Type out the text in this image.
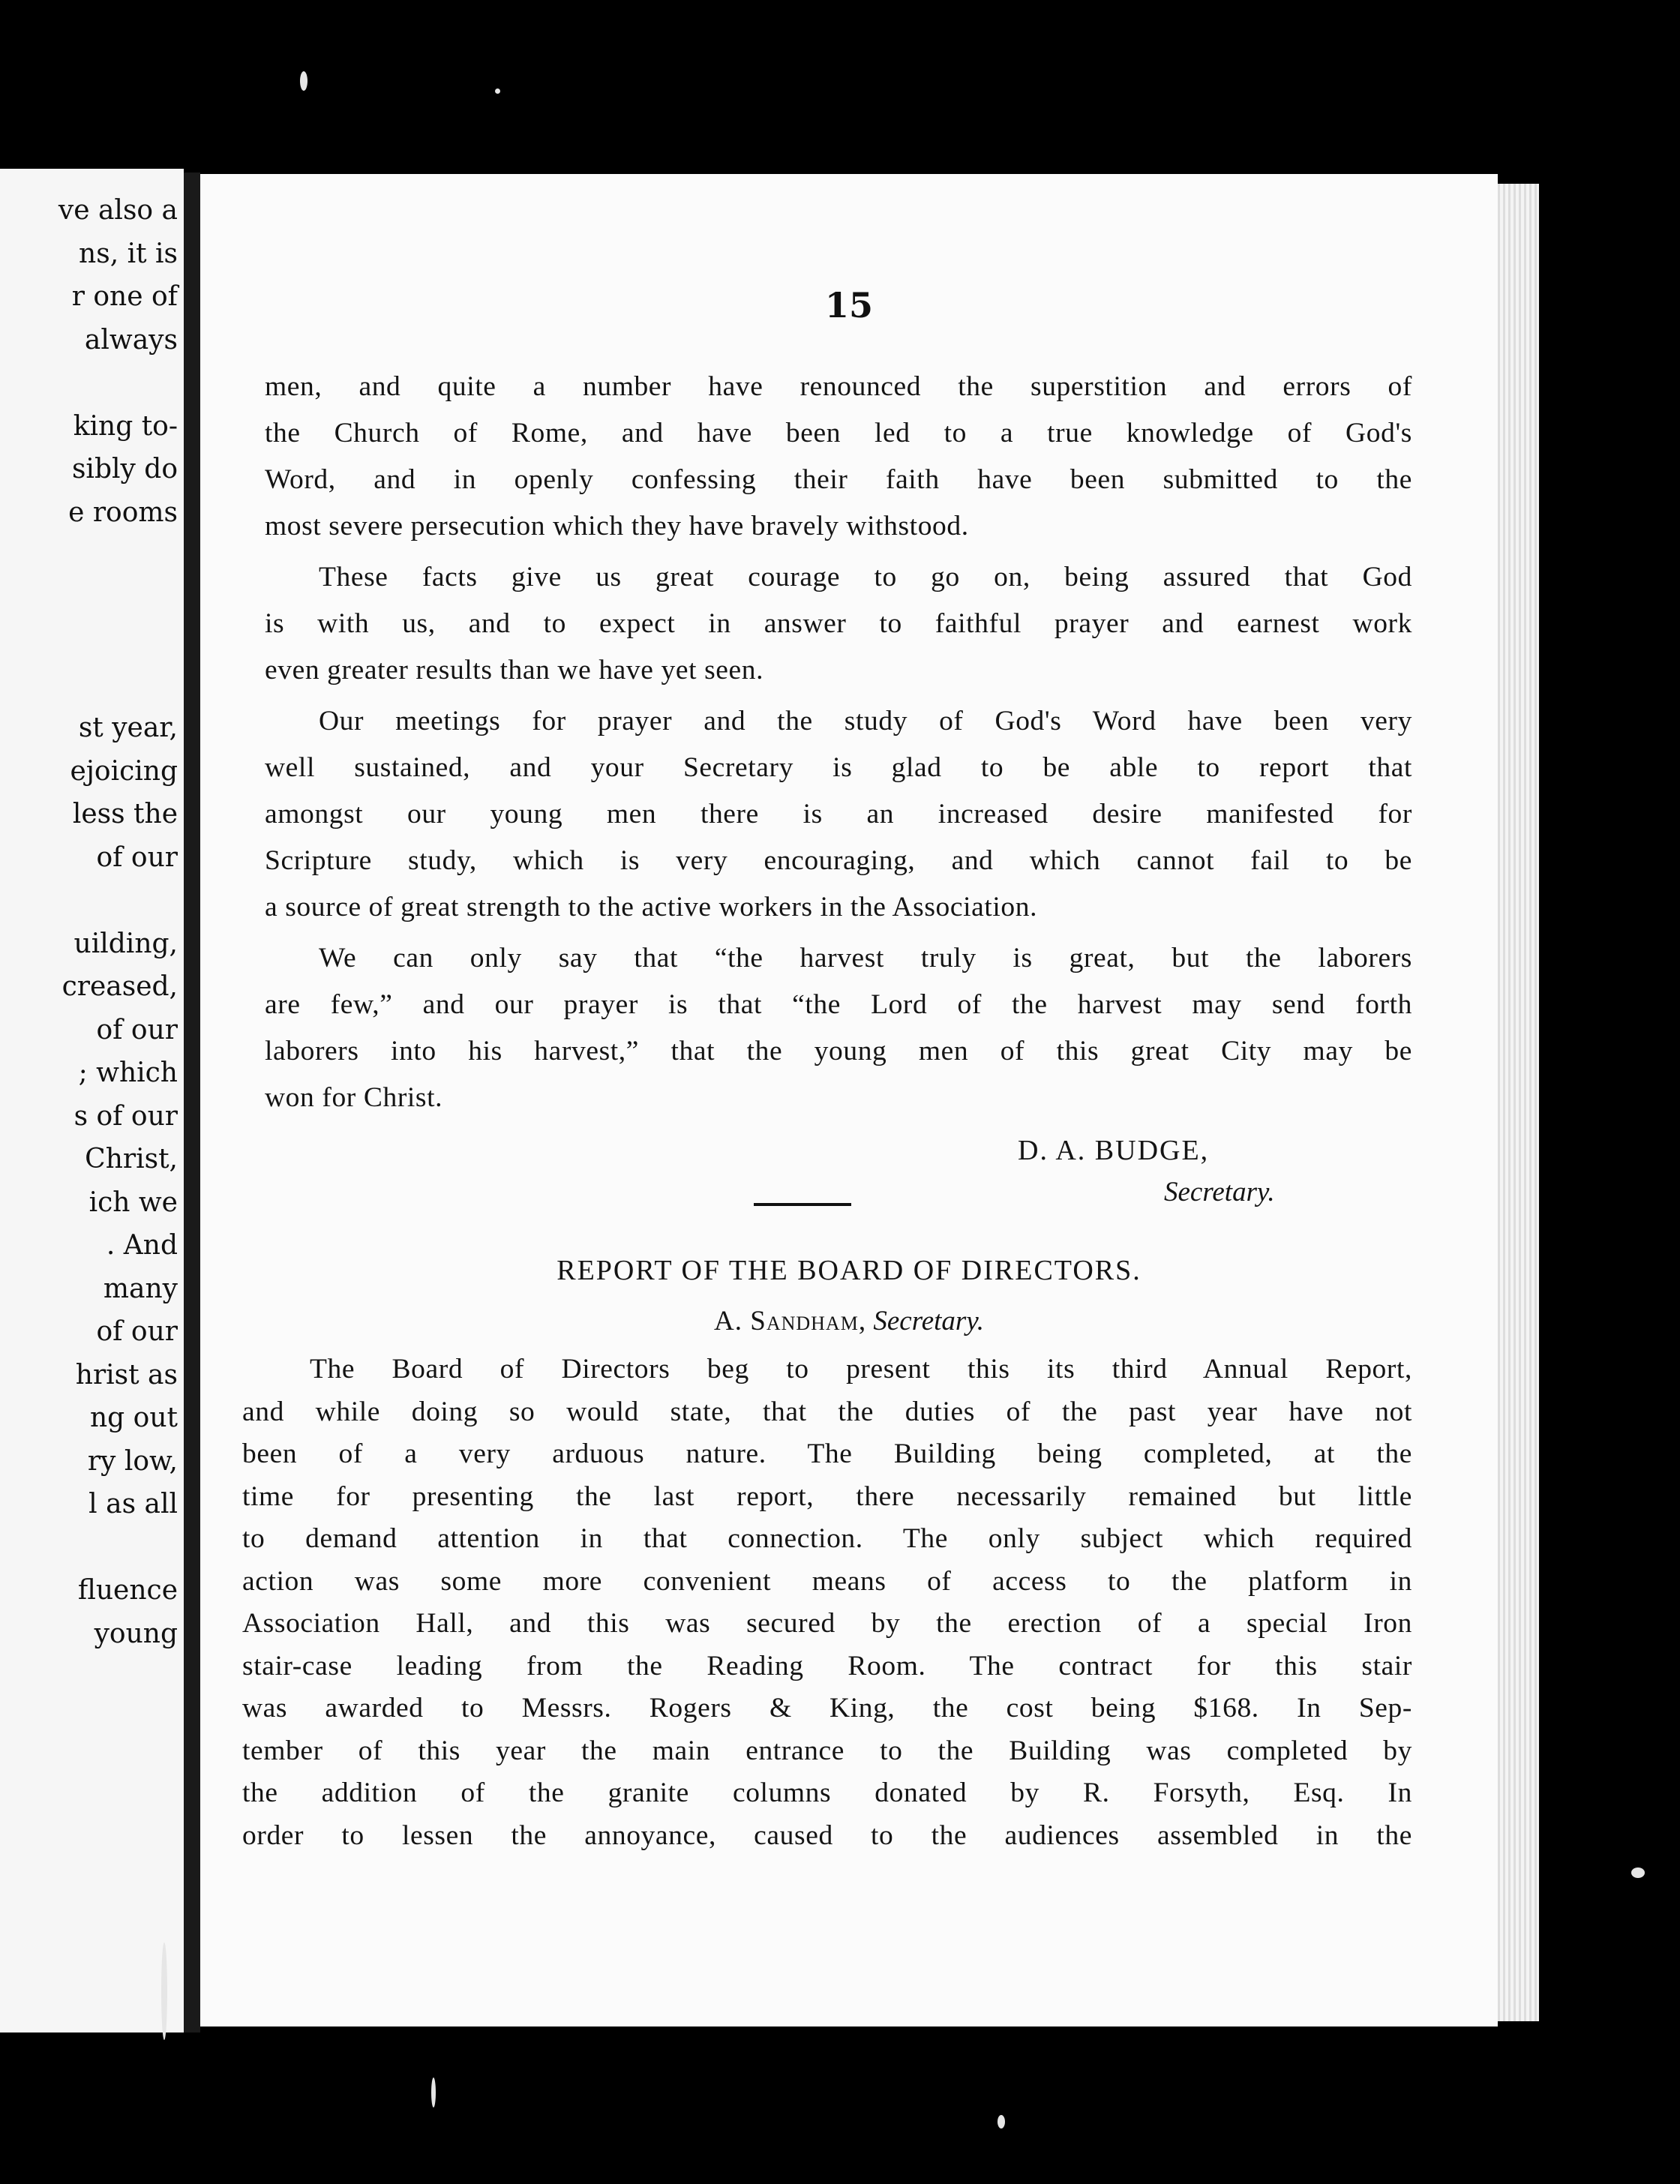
ve also a
ns, it is
r one of
always
king to-
sibly do
e rooms
st year,
ejoicing
less the
of our
uilding,
creased,
of our
; which
s of our
Christ,
ich we
. And
many
of our
hrist as
ng out
ry low,
l as all
fluence
young
15
men, and quite a number have renounced the superstition and errors of
the Church of Rome, and have been led to a true knowledge of God's
Word, and in openly confessing their faith have been submitted to the
most severe persecution which they have bravely withstood.
These facts give us great courage to go on, being assured that God
is with us, and to expect in answer to faithful prayer and earnest work
even greater results than we have yet seen.
Our meetings for prayer and the study of God's Word have been very
well sustained, and your Secretary is glad to be able to report that
amongst our young men there is an increased desire manifested for
Scripture study, which is very encouraging, and which cannot fail to be
a source of great strength to the active workers in the Association.
We can only say that “the harvest truly is great, but the laborers
are few,” and our prayer is that “the Lord of the harvest may send forth
laborers into his harvest,” that the young men of this great City may be
won for Christ.
D. A. BUDGE,
Secretary.
REPORT OF THE BOARD OF DIRECTORS.
A. Sandham, Secretary.
The Board of Directors beg to present this its third Annual Report,
and while doing so would state, that the duties of the past year have not
been of a very arduous nature. The Building being completed, at the
time for presenting the last report, there necessarily remained but little
to demand attention in that connection. The only subject which required
action was some more convenient means of access to the platform in
Association Hall, and this was secured by the erection of a special Iron
stair-case leading from the Reading Room. The contract for this stair
was awarded to Messrs. Rogers & King, the cost being $168. In Sep-
tember of this year the main entrance to the Building was completed by
the addition of the granite columns donated by R. Forsyth, Esq. In
order to lessen the annoyance, caused to the audiences assembled in the
